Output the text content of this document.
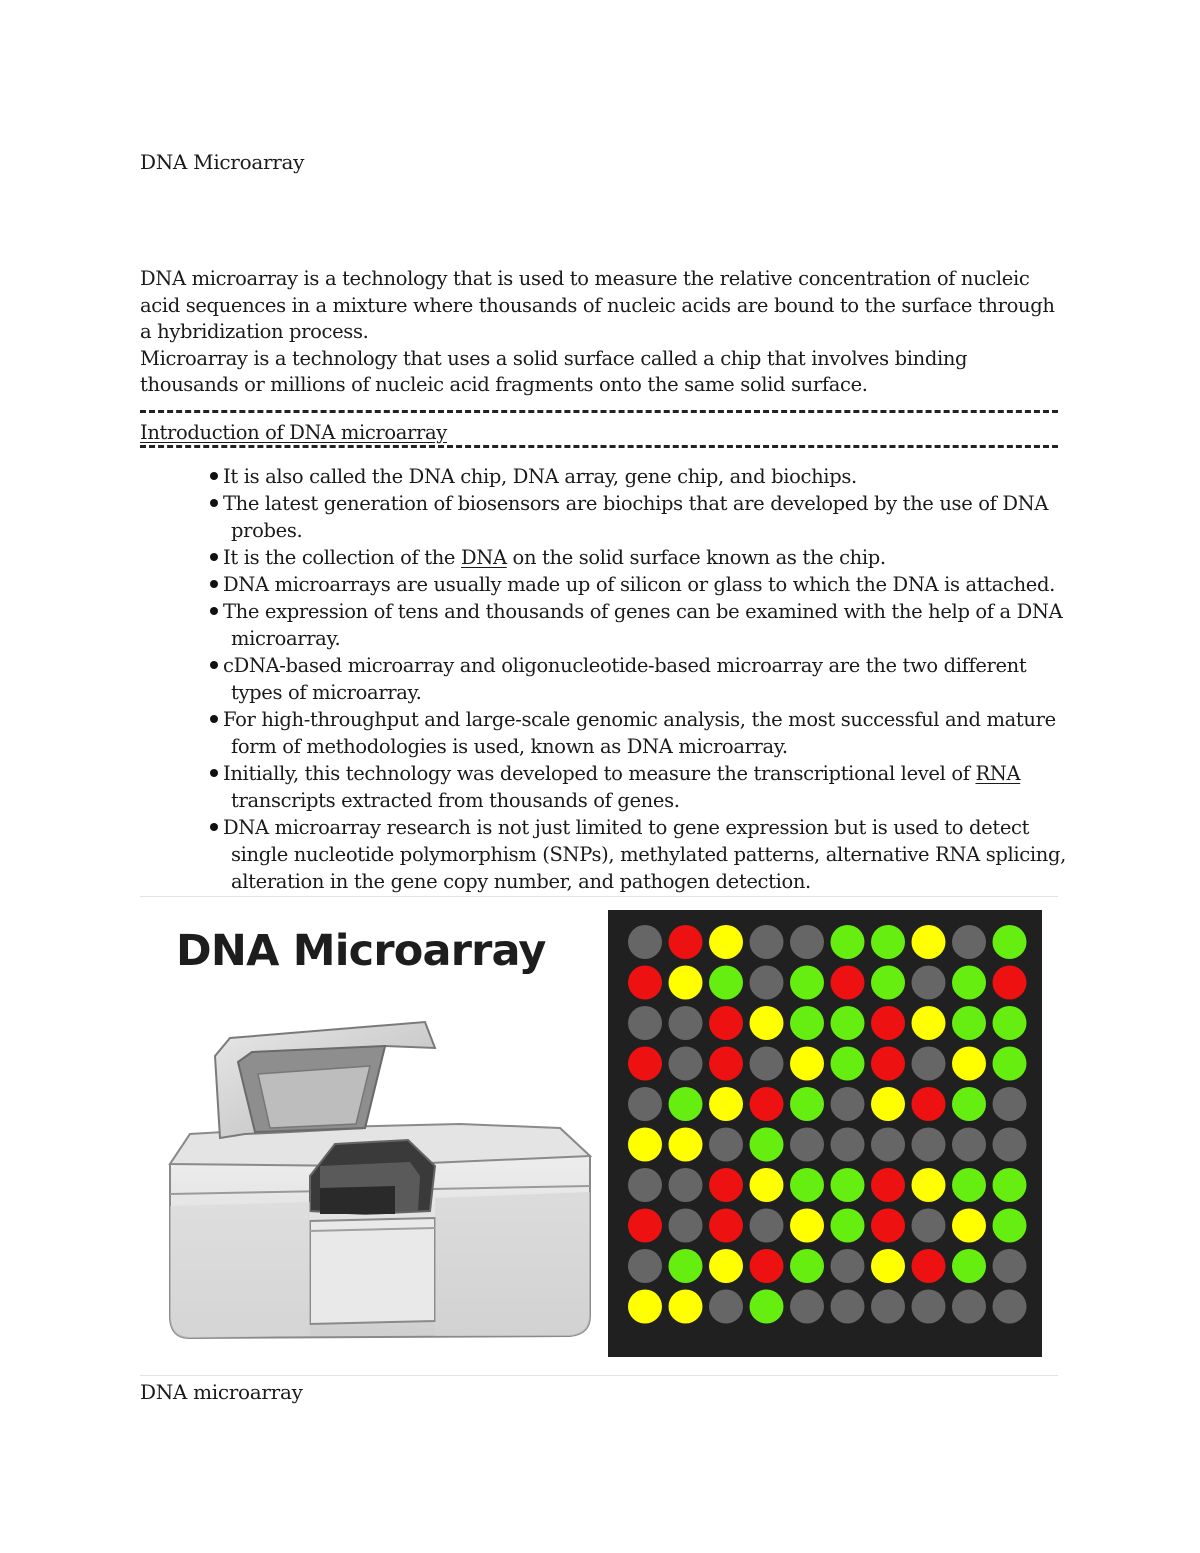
DNA Microarray

DNA microarray is a technology that is used to measure the relative concentration of nucleic acid sequences in a mixture where thousands of nucleic acids are bound to the surface through a hybridization process.

Microarray is a technology that uses a solid surface called a chip that involves binding thousands or millions of nucleic acid fragments onto the same solid surface.

Introduction of DNA microarray
It is also called the DNA chip, DNA array, gene chip, and biochips.
The latest generation of biosensors are biochips that are developed by the use of DNA probes.
It is the collection of the DNA on the solid surface known as the chip.
DNA microarrays are usually made up of silicon or glass to which the DNA is attached.
The expression of tens and thousands of genes can be examined with the help of a DNA microarray.
cDNA-based microarray and oligonucleotide-based microarray are the two different types of microarray.
For high-throughput and large-scale genomic analysis, the most successful and mature form of methodologies is used, known as DNA microarray.
Initially, this technology was developed to measure the transcriptional level of RNA transcripts extracted from thousands of genes.
DNA microarray research is not just limited to gene expression but is used to detect single nucleotide polymorphism (SNPs), methylated patterns, alternative RNA splicing, alteration in the gene copy number, and pathogen detection.
DNA Microarray
DNA microarray
